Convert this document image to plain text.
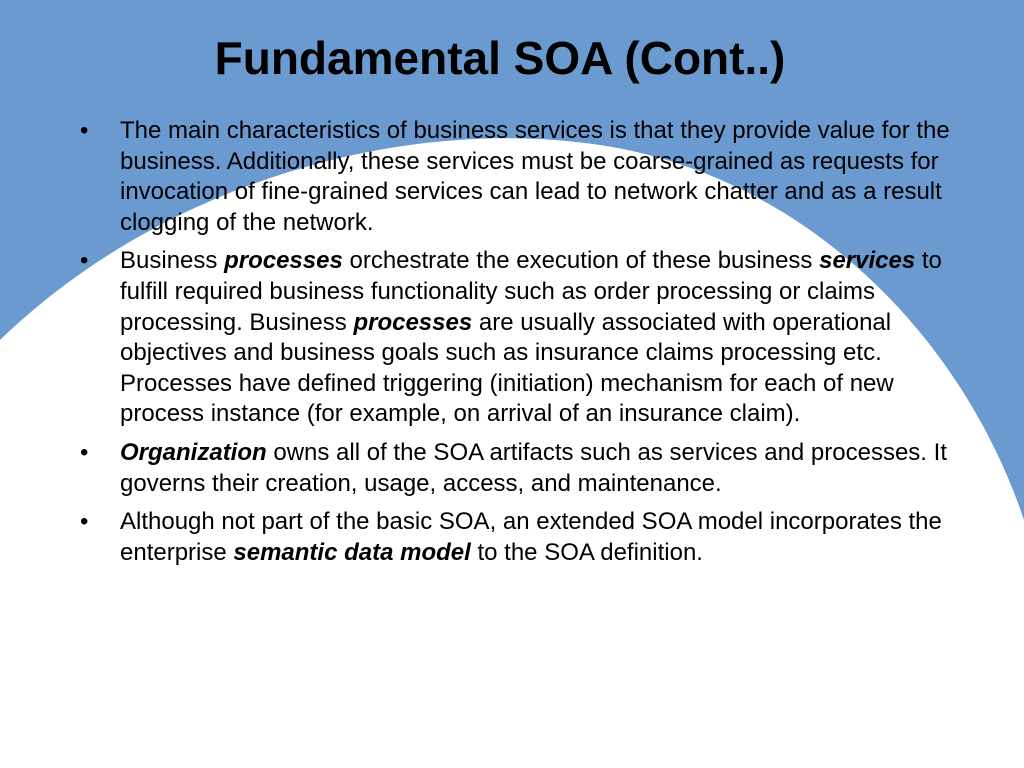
Fundamental SOA (Cont..)
• The main characteristics of business services is that they provide value for the business. Additionally, these services must be coarse-grained as requests for invocation of fine-grained services can lead to network chatter and as a result clogging of the network.
• Business processes orchestrate the execution of these business services to fulfill required business functionality such as order processing or claims processing. Business processes are usually associated with operational objectives and business goals such as insurance claims processing etc. Processes have defined triggering (initiation) mechanism for each of new process instance (for example, on arrival of an insurance claim).
• Organization owns all of the SOA artifacts such as services and processes. It governs their creation, usage, access, and maintenance.
• Although not part of the basic SOA, an extended SOA model incorporates the enterprise semantic data model to the SOA definition.
